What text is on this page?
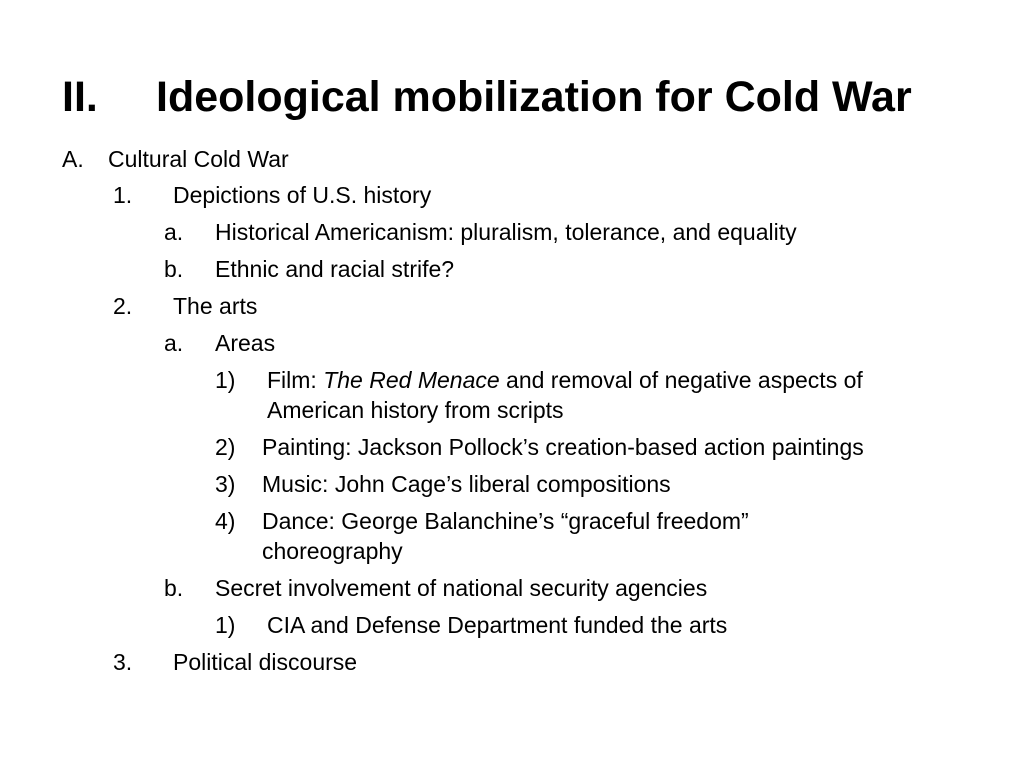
II. Ideological mobilization for Cold War
A. Cultural Cold War
1. Depictions of U.S. history
a. Historical Americanism: pluralism, tolerance, and equality
b. Ethnic and racial strife?
2. The arts
a. Areas
1) Film: The Red Menace and removal of negative aspects of
American history from scripts
2) Painting: Jackson Pollock’s creation-based action paintings
3) Music: John Cage’s liberal compositions
4) Dance: George Balanchine’s “graceful freedom”
choreography
b. Secret involvement of national security agencies
1) CIA and Defense Department funded the arts
3. Political discourse
